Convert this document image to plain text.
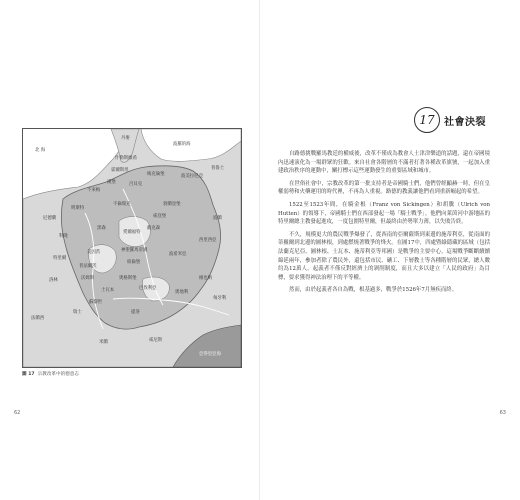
北 海
波羅的海
丹麥
什勒斯維希
霍爾斯坦
梅克倫堡	波美拉尼亞
漢堡
不來梅
呂貝克
勃蘭登堡
普魯士
波蘭
尼德蘭
明斯特
不倫瑞克
薩克森
科隆
黑森
威登堡
美因茨
愛爾福特
波希米亞
西里西亞
普法爾茨
紐倫堡
特里爾
沃姆斯
洛林
法蘭西
士瓦本
奧格斯堡
巴伐利亞
奧地利
維也納
匈牙利
瑞士
蘇黎世
提洛
威尼斯
米蘭
亞得里亞海
神聖羅馬帝國
圖 17 宗教改革中的德意志
62
17 社會決裂

自路德挑戰羅馬教廷的權威後，改革不僅成為教會人士津津樂道的話題，還在帝國境內迅速演化為一場群眾的狂歡。來自社會各階層的不滿者打著各種改革旗號，一起加入重建政治秩序的運動中，關打標示這些運動發生的重要區域和城市。

在世俗社會中，宗教改革的第一批支持者是帝國騎士們，他們曾經顯赫一時，但在皇權弱勢和火藥運用的時代裡，不再為人重視。路德的教義讓他們看到重新崛起的希望。

1522至1523年間，在騎金根（Franz von Sickingen）和胡騰（Ulrich von Hutten）的領導下，帝國騎士們在西部發起一場「騎士戰爭」。他們向萊茵河中游地區的特里爾總主教發起進攻，一度包圍特里爾，但最終由於勢單力薄，以失敗告終。

不久，規模更大的農民戰爭爆發了，從西南的亞爾薩斯到東邊的施蒂利亞，從南面的蒂羅爾到北邊的圖林根，到處燃燒著戰爭的烽火。在圖17中，四處暨綠隱藏的區域（包括法蘭克尼亞、圖林根、士瓦本、施蒂利亞等邦國）是戰爭的主要中心，這場戰爭斷斷續續綿延兩年，參加者除了農民外，還包括市民、礦工、下層教士等各種階層的民眾，總人數約為12萬人。起義者不僅反對經濟上的剝削制度，而且大多以建立「人民的政府」為目標，要求獲得神法治理下的平等權。

然而，由於起義者各自為戰，根基過多，戰爭於1526年7月無疾而終。

63
